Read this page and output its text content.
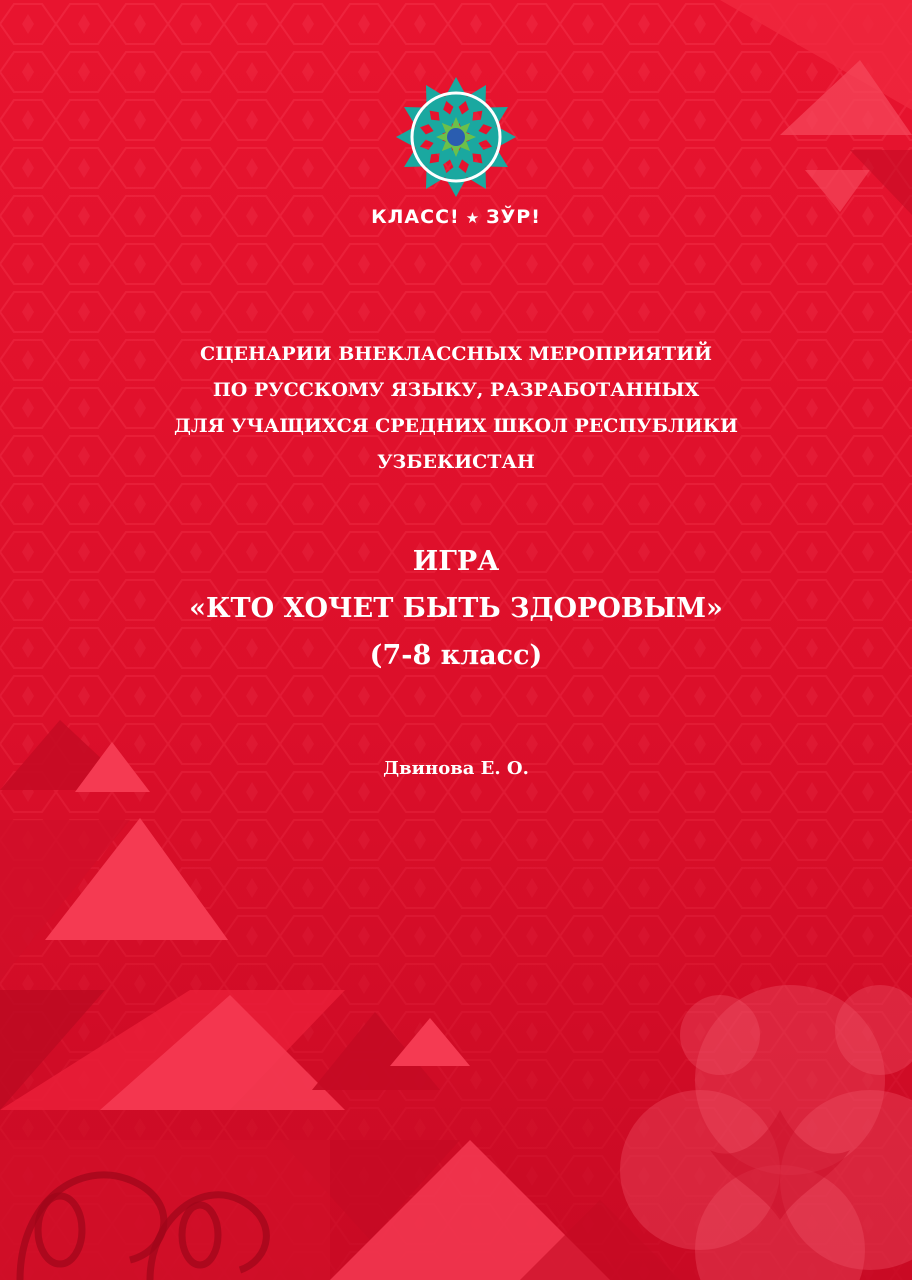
КЛАСС! ★ ЗЎР!
СЦЕНАРИИ ВНЕКЛАССНЫХ МЕРОПРИЯТИЙ
ПО РУССКОМУ ЯЗЫКУ, РАЗРАБОТАННЫХ
ДЛЯ УЧАЩИХСЯ СРЕДНИХ ШКОЛ РЕСПУБЛИКИ
УЗБЕКИСТАН
ИГРА
«КТО ХОЧЕТ БЫТЬ ЗДОРОВЫМ»
(7-8 класс)
Двинова Е. О.
